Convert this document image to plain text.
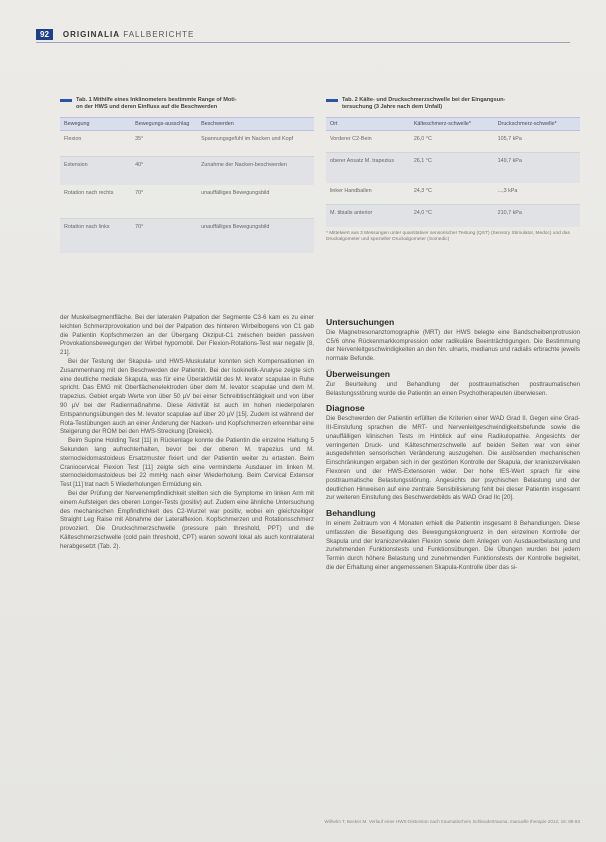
92	ORIGINALIA FALLBERICHTE
Tab. 1 Mithilfe eines Inklinometers bestimmte Range of Moti-
on der HWS und deren Einfluss auf die Beschwerden
Bewegung	Bewegungs-ausschlag	Beschwerden
Flexion	35°	Spannungsgefühl im Nacken und Kopf
Extension	40°	Zunahme der Nacken-beschwerden
Rotation nach rechts	70°	unauffälliges Bewegungsbild
Rotation nach links	70°	unauffälliges Bewegungsbild
Tab. 2 Kälte- und Druckschmerzschwelle bei der Eingangsun-
tersuchung (3 Jahre nach dem Unfall)
Ort	Kälteschmerz-schwelle*	Druckschmerz-schwelle*
Vorderer C2-Bein	26,0 °C	105,7 kPa
oberer Ansatz M. trapezius	26,1 °C	149,7 kPa
linker Handballen	24,3 °C	...,3 kPa
M. tibialis anterior	24,0 °C	210,7 kPa
* Mittelwert aus 3 Messungen unter quantitativer sensorischer Testung (QST) (Sensory Stimulator, Medoc) und das Druckalgometer und spezieller Druckalgometer (Somedic)

der Muskelsegmentfläche. Bei der lateralen Palpation der Segmente C3-6 kam es zu einer leichten Schmerzprovokation und bei der Palpation des hinteren Wirbelbogens von C1 gab die Patientin Kopfschmerzen an der Übergang Okziput-C1 zwischen beiden passiven Provokationsbewegungen der Wirbel hypomobil. Der Flexion-Rotations-Test war negativ [8, 21].

Bei der Testung der Skapula- und HWS-Muskulatur konnten sich Kompensationen im Zusammenhang mit den Beschwerden der Patientin. Bei der Isokinetik-Analyse zeigte sich eine deutliche mediale Skapula, was für eine Überaktivität des M. levator scapulae in Ruhe spricht. Das EMG mit Oberflächenelektroden über dem M. levator scapulae und dem M. trapezius. Gebiet ergab Werte von über 50 µV bei einer Schreibtischtätigkeit und von über 90 µV bei der Radiermaßnahme. Diese Aktivität ist auch im hohen niederpolaren Entspannungsübungen des M. levator scapulae auf über 20 µV [15]. Zudem ist während der Rota-Testübungen auch an einer Änderung der Nacken- und Kopfschmerzen erkennbar eine Steigerung der ROM bei den HWS-Streckung (Dreieck).

Beim Supine Holding Test [11] in Rückenlage konnte die Patientin die einzelne Haltung 5 Sekunden lang aufrechterhalten, bevor bei der oberen M. trapezius und M. sternocleidomastoideus Ersatzmuster fixiert und der Patientin weiter zu ertasten. Beim Craniocervical Flexion Test [11] zeigte sich eine verminderte Ausdauer im linken M. sternocleidomastoideus bei 22 mmHg nach einer Wiederholung. Beim Cervical Extensor Test [11] trat nach 5 Wiederholungen Ermüdung ein.

Bei der Prüfung der Nervenempfindlichkeit stellten sich die Symptome im linken Arm mit einem Aufsteigen des oberen Longer-Tests (positiv) auf. Zudem eine ähnliche Untersuchung des mechanischen Empfindlichkeit des C2-Wurzel war positiv, wobei ein gleichzeitiger Straight Leg Raise mit Abnahme der Lateralflexion. Kopfschmerzen und Rotationsschmerz provoziert. Die Druckschmerzschwelle (pressure pain threshold, PPT) und die Kälteschmerzschwelle (cold pain threshold, CPT) waren sowohl lokal als auch kontralateral herabgesetzt (Tab. 2).

Untersuchungen

Die Magnetresonanztomographie (MRT) der HWS belegte eine Bandscheibenprotrusion C5/6 ohne Rückenmarkkompression oder radikuläre Beeinträchtigungen. Die Bestimmung der Nervenleitgeschwindigkeiten an den Nn. ulnaris, medianus und radialis erbrachte jeweils normale Befunde.

Überweisungen

Zur Beurteilung und Behandlung der posttraumatischen posttraumatischen Belastungsstörung wurde die Patientin an einen Psychotherapeuten überwiesen.

Diagnose

Die Beschwerden der Patientin erfüllten die Kriterien einer WAD Grad II. Gegen eine Grad-III-Einstufung sprachen die MRT- und Nervenleitgeschwindigkeitsbefunde sowie die unauffälligen klinischen Tests im Hinblick auf eine Radikulopathie. Angesichts der verringerten Druck- und Kälteschmerzschwelle auf beiden Seiten war von einer ausgedehnten sensorischen Veränderung auszugehen. Die auslösenden mechanischen Einschränkungen ergaben sich in der gestörten Kontrolle der Skapula, der kraniozervikalen Flexoren und der HWS-Extensoren wider. Der hohe IES-Wert sprach für eine posttraumatische Belastungsstörung. Angesichts der psychischen Belastung und der deutlichen Hinweisen auf eine zentrale Sensibilisierung fehlt bei dieser Patientin insgesamt zur weiteren Einstufung des Beschwerdebilds als WAD Grad IIc [20].

Behandlung

In einem Zeitraum von 4 Monaten erhielt die Patientin insgesamt 8 Behandlungen. Diese umfassten die Beseitigung des Bewegungskongruenz in den einzelnen Kontrolle der Skapula und der kraniozervikalen Flexion sowie dem Anlegen von Ausdauerbelastung und zunehmenden Funktionstests und Funktionsübungen. Die Übungen wurden bei jedem Termin durch höhere Belastung und zunehmenden Funktionstests der Kontrolle begleitet, die der Erhaltung einer angemessenen Skapula-Kontrolle über das si-

Wilhelm T, Becker M. Verlauf einer HWS-Distorsion nach traumatischem Schleudertrauma. manuelle therapie 2012; 16: 88-93
